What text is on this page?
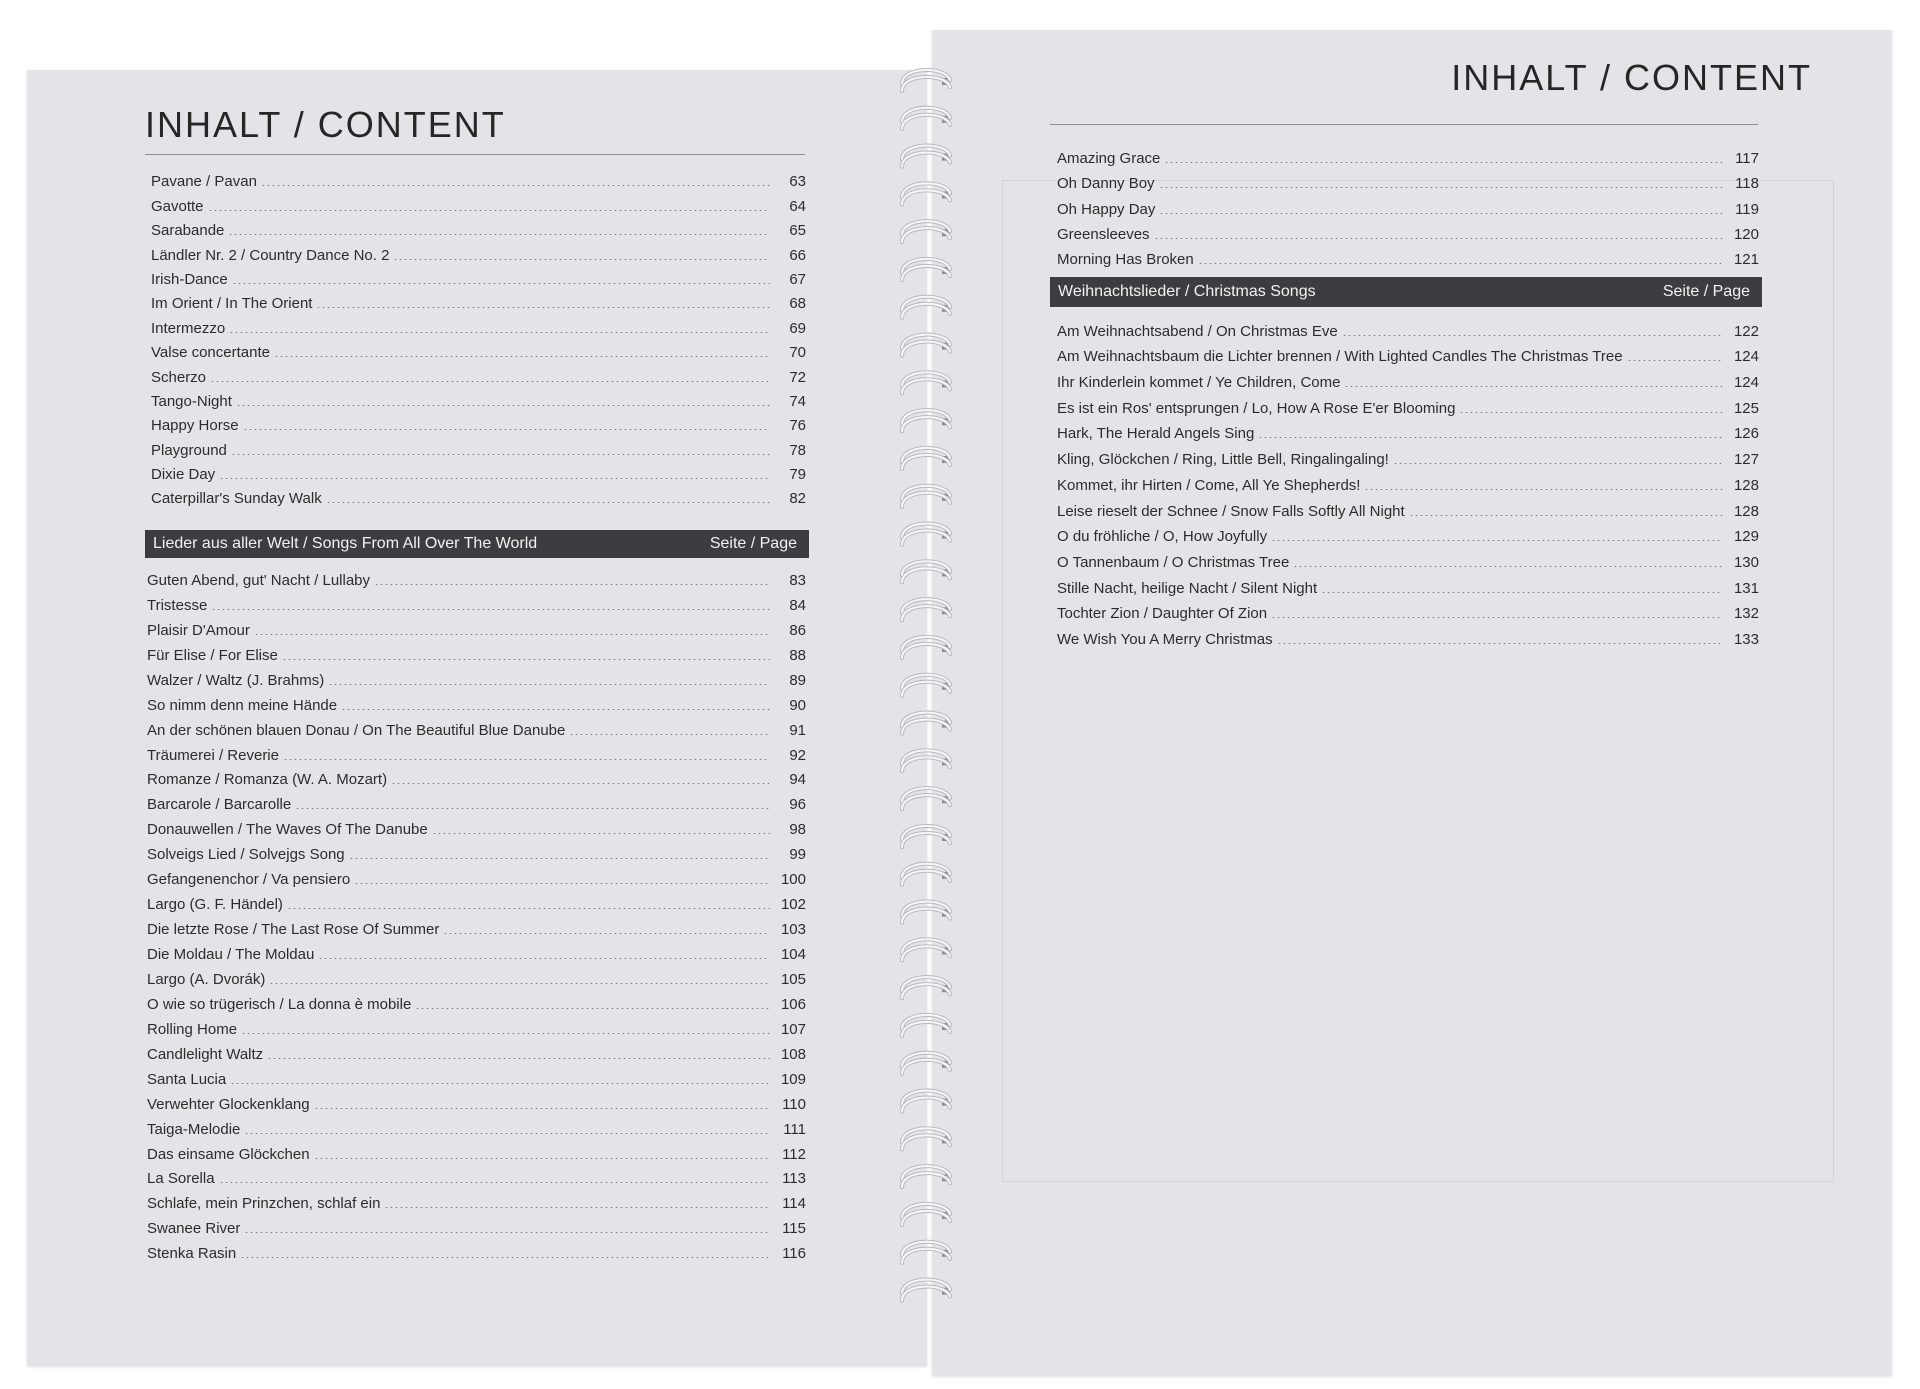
INHALT / CONTENT
Pavane / Pavan	63
Gavotte	64
Sarabande	65
Ländler Nr. 2 / Country Dance No. 2	66
Irish-Dance	67
Im Orient / In The Orient	68
Intermezzo	69
Valse concertante	70
Scherzo	72
Tango-Night	74
Happy Horse	76
Playground	78
Dixie Day	79
Caterpillar's Sunday Walk	82
Lieder aus aller Welt / Songs From All Over The World	Seite / Page
Guten Abend, gut' Nacht / Lullaby	83
Tristesse	84
Plaisir D'Amour	86
Für Elise / For Elise	88
Walzer / Waltz (J. Brahms)	89
So nimm denn meine Hände	90
An der schönen blauen Donau / On The Beautiful Blue Danube	91
Träumerei / Reverie	92
Romanze / Romanza (W. A. Mozart)	94
Barcarole / Barcarolle	96
Donauwellen / The Waves Of The Danube	98
Solveigs Lied / Solvejgs Song	99
Gefangenenchor / Va pensiero	100
Largo (G. F. Händel)	102
Die letzte Rose / The Last Rose Of Summer	103
Die Moldau / The Moldau	104
Largo (A. Dvorák)	105
O wie so trügerisch / La donna è mobile	106
Rolling Home	107
Candlelight Waltz	108
Santa Lucia	109
Verwehter Glockenklang	110
Taiga-Melodie	111
Das einsame Glöckchen	112
La Sorella	113
Schlafe, mein Prinzchen, schlaf ein	114
Swanee River	115
Stenka Rasin	116
INHALT / CONTENT
Amazing Grace	117
Oh Danny Boy	118
Oh Happy Day	119
Greensleeves	120
Morning Has Broken	121
Weihnachtslieder / Christmas Songs	Seite / Page
Am Weihnachtsabend / On Christmas Eve	122
Am Weihnachtsbaum die Lichter brennen / With Lighted Candles The Christmas Tree	124
Ihr Kinderlein kommet / Ye Children, Come	124
Es ist ein Ros' entsprungen / Lo, How A Rose E'er Blooming	125
Hark, The Herald Angels Sing	126
Kling, Glöckchen / Ring, Little Bell, Ringalingaling!	127
Kommet, ihr Hirten / Come, All Ye Shepherds!	128
Leise rieselt der Schnee / Snow Falls Softly All Night	128
O du fröhliche / O, How Joyfully	129
O Tannenbaum / O Christmas Tree	130
Stille Nacht, heilige Nacht / Silent Night	131
Tochter Zion / Daughter Of Zion	132
We Wish You A Merry Christmas	133
